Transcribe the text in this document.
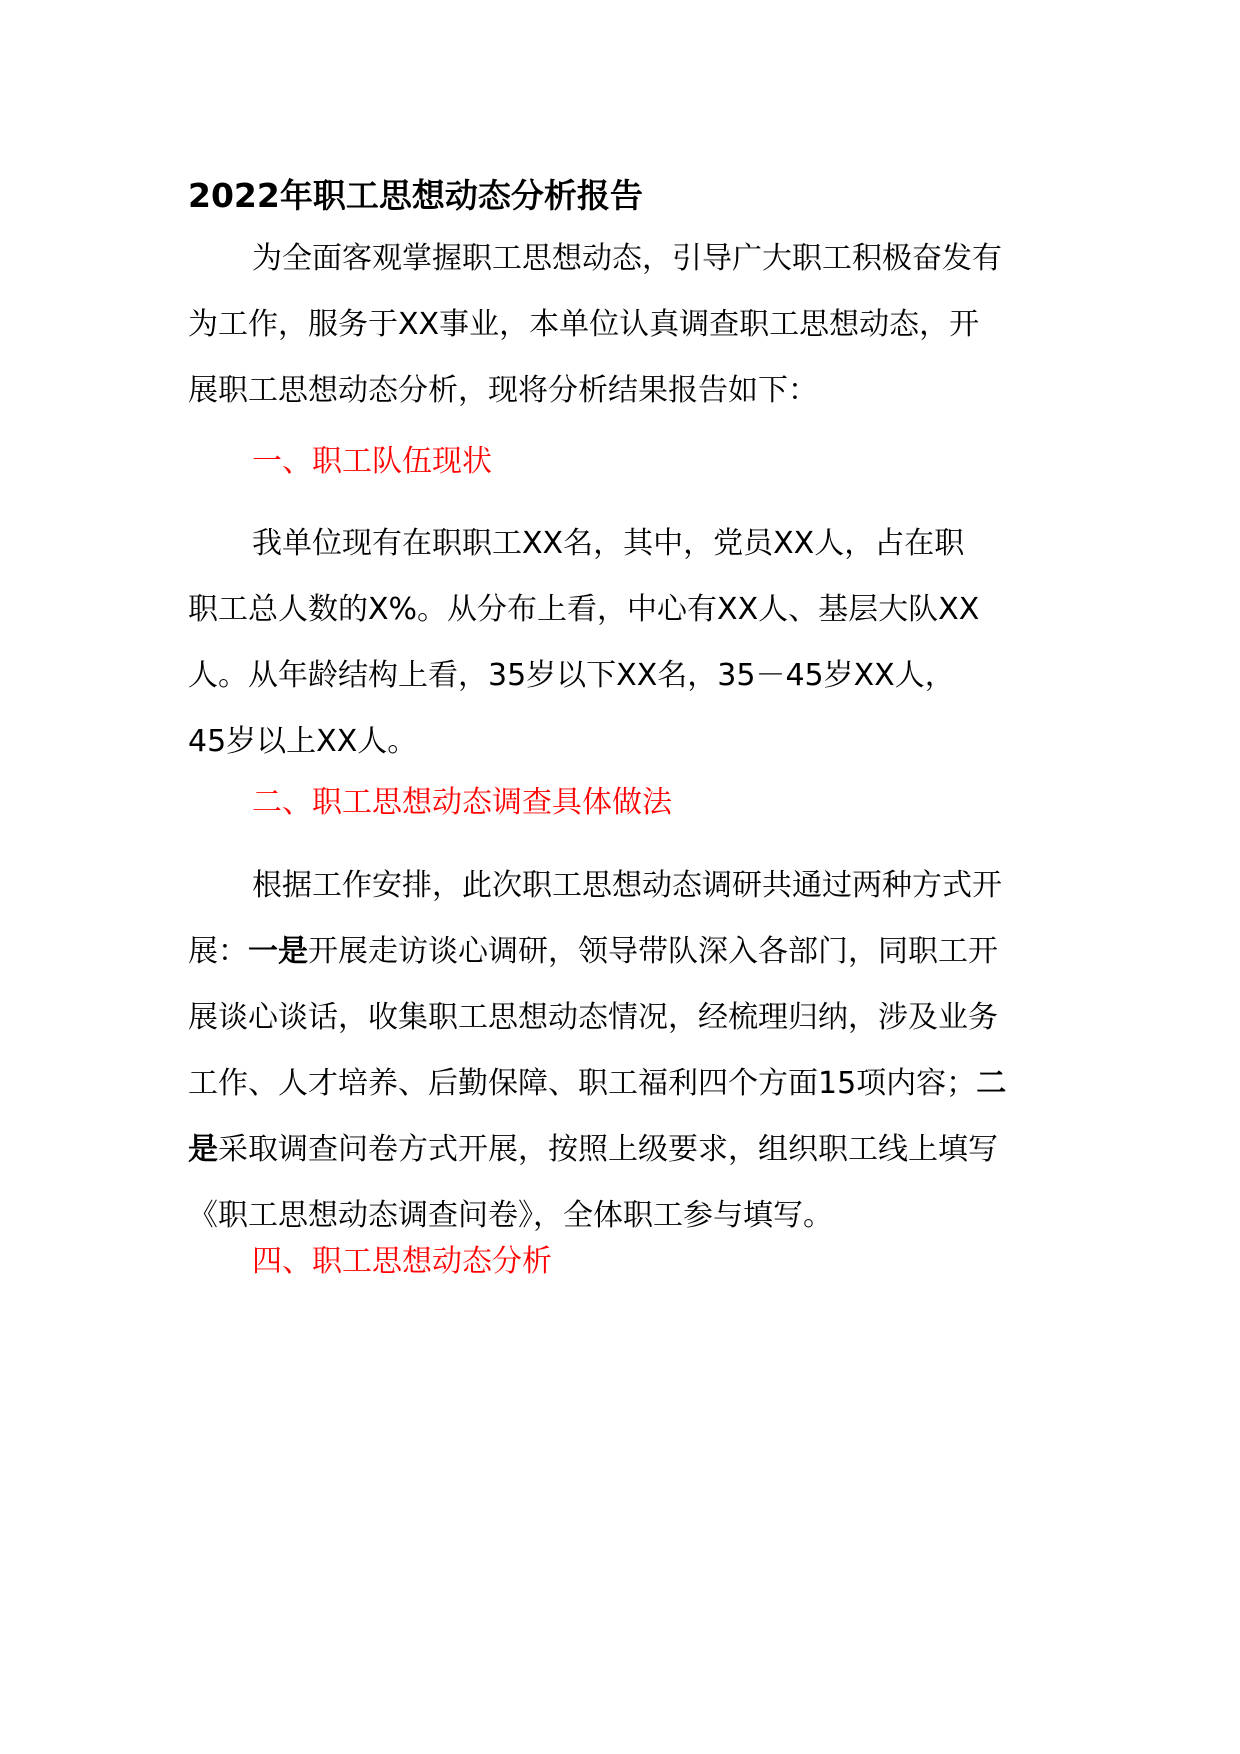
2022年职工思想动态分析报告
为全面客观掌握职工思想动态，引导广大职工积极奋发有
为工作，服务于XX事业，本单位认真调查职工思想动态，开
展职工思想动态分析，现将分析结果报告如下：
一、职工队伍现状
我单位现有在职职工XX名，其中，党员XX人，占在职
职工总人数的X%。从分布上看，中心有XX人、基层大队XX
人。从年龄结构上看，35岁以下XX名，35－45岁XX人，
45岁以上XX人。
二、职工思想动态调查具体做法
根据工作安排，此次职工思想动态调研共通过两种方式开
展：一是开展走访谈心调研，领导带队深入各部门，同职工开
展谈心谈话，收集职工思想动态情况，经梳理归纳，涉及业务
工作、人才培养、后勤保障、职工福利四个方面15项内容；二
是采取调查问卷方式开展，按照上级要求，组织职工线上填写
《职工思想动态调查问卷》，全体职工参与填写。
四、职工思想动态分析
